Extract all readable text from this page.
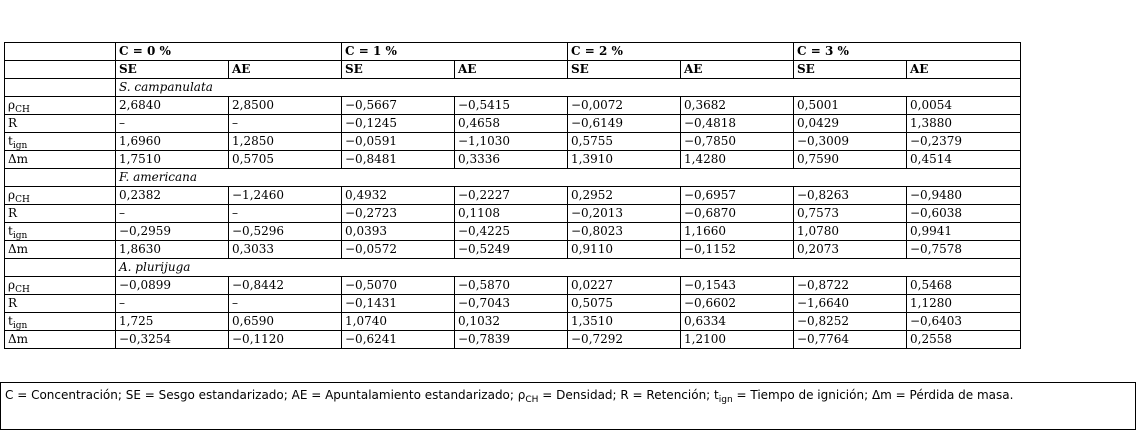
	C = 0 %		C = 1 %		C = 2 %		C = 3 %	
	SE	AE	SE	AE	SE	AE	SE	AE
	S. campanulata							
$\rho_{CH}$	2,6840	2,8500	−0,5667	−0,5415	−0,0072	0,3682	0,5001	0,0054
R	–	–	−0,1245	0,4658	−0,6149	−0,4818	0,0429	1,3880
$t_{ign}$	1,6960	1,2850	−0,0591	−1,1030	0,5755	−0,7850	−0,3009	−0,2379
Δm	1,7510	0,5705	−0,8481	0,3336	1,3910	1,4280	0,7590	0,4514
	F. americana							
$\rho_{CH}$	0,2382	−1,2460	0,4932	−0,2227	0,2952	−0,6957	−0,8263	−0,9480
R	–	–	−0,2723	0,1108	−0,2013	−0,6870	0,7573	−0,6038
$t_{ign}$	−0,2959	−0,5296	0,0393	−0,4225	−0,8023	1,1660	1,0780	0,9941
Δm	1,8630	0,3033	−0,0572	−0,5249	0,9110	−0,1152	0,2073	−0,7578
	A. plurijuga							
$\rho_{CH}$	−0,0899	−0,8442	−0,5070	−0,5870	0,0227	−0,1543	−0,8722	0,5468
R	–	–	−0,1431	−0,7043	0,5075	−0,6602	−1,6640	1,1280
$t_{ign}$	1,725	0,6590	1,0740	0,1032	1,3510	0,6334	−0,8252	−0,6403
Δm	−0,3254	−0,1120	−0,6241	−0,7839	−0,7292	1,2100	−0,7764	0,2558
C = Concentración; SE = Sesgo estandarizado; AE = Apuntalamiento estandarizado; $\rho_{CH}$ = Densidad; R = Retención; $t_{ign}$ = Tiempo de ignición; Δm = Pérdida de masa.
